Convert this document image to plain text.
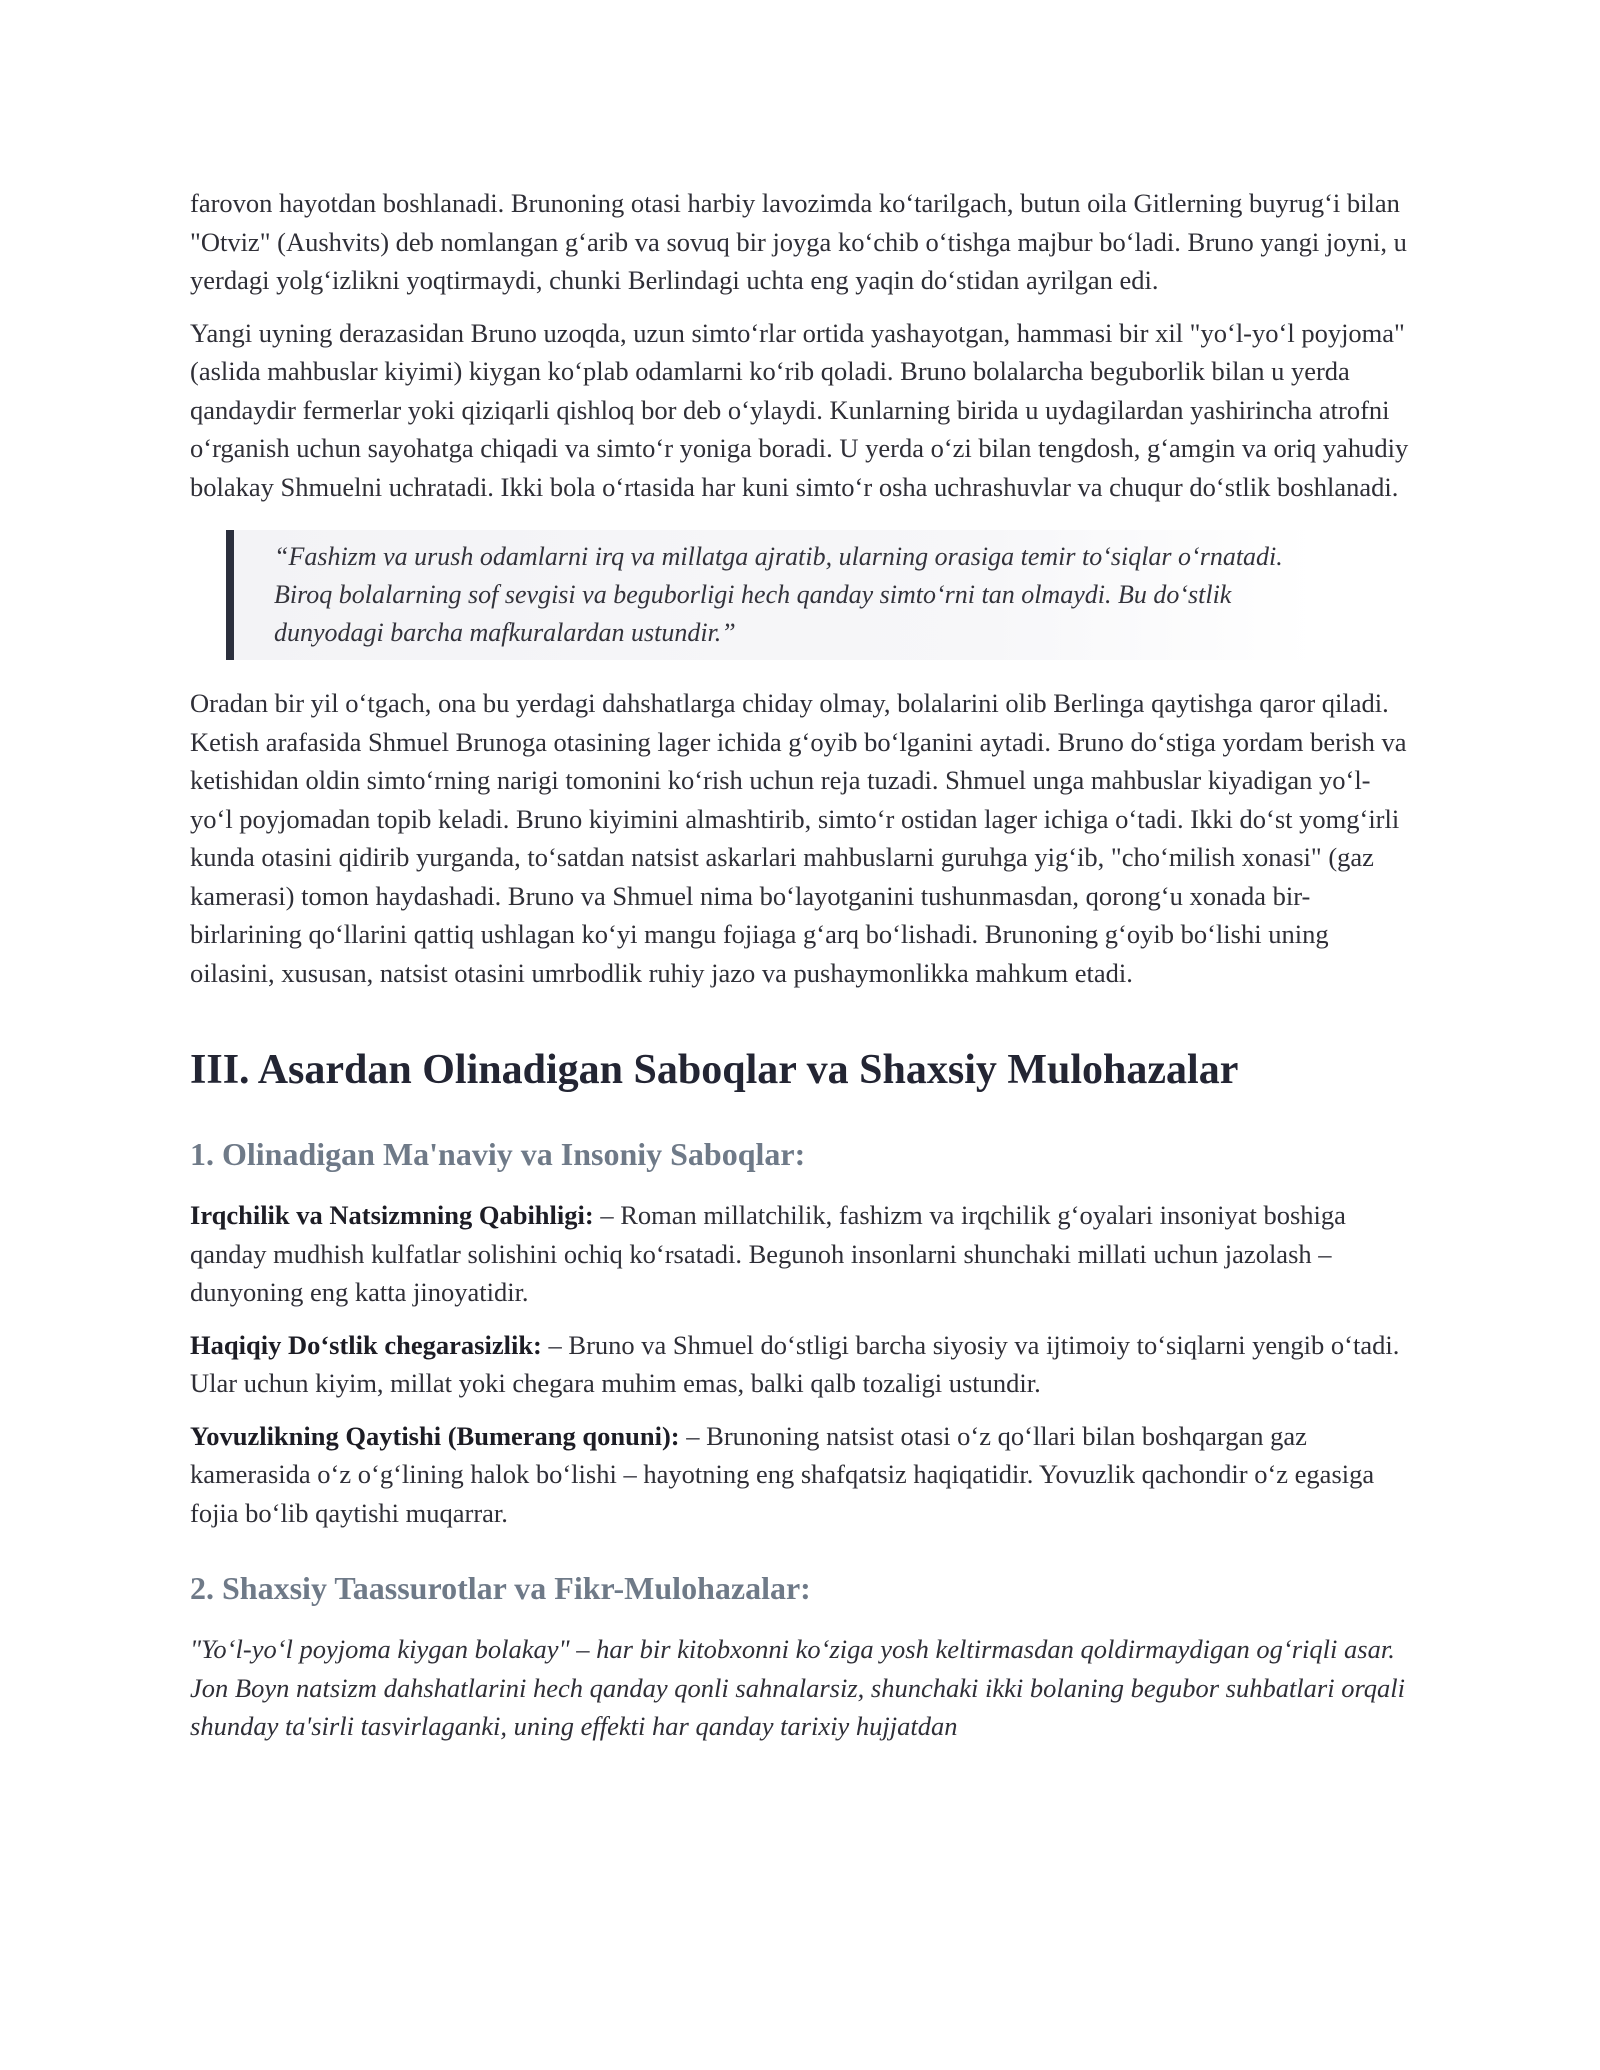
farovon hayotdan boshlanadi. Brunoning otasi harbiy lavozimda ko‘tarilgach, butun oila Gitlerning buyrug‘i bilan "Otviz" (Aushvits) deb nomlangan g‘arib va sovuq bir joyga ko‘chib o‘tishga majbur bo‘ladi. Bruno yangi joyni, u yerdagi yolg‘izlikni yoqtirmaydi, chunki Berlindagi uchta eng yaqin do‘stidan ayrilgan edi.

Yangi uyning derazasidan Bruno uzoqda, uzun simto‘rlar ortida yashayotgan, hammasi bir xil "yo‘l-yo‘l poyjoma" (aslida mahbuslar kiyimi) kiygan ko‘plab odamlarni ko‘rib qoladi. Bruno bolalarcha beguborlik bilan u yerda qandaydir fermerlar yoki qiziqarli qishloq bor deb o‘ylaydi. Kunlarning birida u uydagilardan yashirincha atrofni o‘rganish uchun sayohatga chiqadi va simto‘r yoniga boradi. U yerda o‘zi bilan tengdosh, g‘amgin va oriq yahudiy bolakay Shmuelni uchratadi. Ikki bola o‘rtasida har kuni simto‘r osha uchrashuvlar va chuqur do‘stlik boshlanadi.

“Fashizm va urush odamlarni irq va millatga ajratib, ularning orasiga temir to‘siqlar o‘rnatadi. Biroq bolalarning sof sevgisi va beguborligi hech qanday simto‘rni tan olmaydi. Bu do‘stlik dunyodagi barcha mafkuralardan ustundir.”

Oradan bir yil o‘tgach, ona bu yerdagi dahshatlarga chiday olmay, bolalarini olib Berlinga qaytishga qaror qiladi. Ketish arafasida Shmuel Brunoga otasining lager ichida g‘oyib bo‘lganini aytadi. Bruno do‘stiga yordam berish va ketishidan oldin simto‘rning narigi tomonini ko‘rish uchun reja tuzadi. Shmuel unga mahbuslar kiyadigan yo‘l-yo‘l poyjomadan topib keladi. Bruno kiyimini almashtirib, simto‘r ostidan lager ichiga o‘tadi. Ikki do‘st yomg‘irli kunda otasini qidirib yurganda, to‘satdan natsist askarlari mahbuslarni guruhga yig‘ib, "cho‘milish xonasi" (gaz kamerasi) tomon haydashadi. Bruno va Shmuel nima bo‘layotganini tushunmasdan, qorong‘u xonada bir-birlarining qo‘llarini qattiq ushlagan ko‘yi mangu fojiaga g‘arq bo‘lishadi. Brunoning g‘oyib bo‘lishi uning oilasini, xususan, natsist otasini umrbodlik ruhiy jazo va pushaymonlikka mahkum etadi.

III. Asardan Olinadigan Saboqlar va Shaxsiy Mulohazalar
1. Olinadigan Ma'naviy va Insoniy Saboqlar:

Irqchilik va Natsizmning Qabihligi: – Roman millatchilik, fashizm va irqchilik g‘oyalari insoniyat boshiga qanday mudhish kulfatlar solishini ochiq ko‘rsatadi. Begunoh insonlarni shunchaki millati uchun jazolash – dunyoning eng katta jinoyatidir.

Haqiqiy Do‘stlik chegarasizlik: – Bruno va Shmuel do‘stligi barcha siyosiy va ijtimoiy to‘siqlarni yengib o‘tadi. Ular uchun kiyim, millat yoki chegara muhim emas, balki qalb tozaligi ustundir.

Yovuzlikning Qaytishi (Bumerang qonuni): – Brunoning natsist otasi o‘z qo‘llari bilan boshqargan gaz kamerasida o‘z o‘g‘lining halok bo‘lishi – hayotning eng shafqatsiz haqiqatidir. Yovuzlik qachondir o‘z egasiga fojia bo‘lib qaytishi muqarrar.

2. Shaxsiy Taassurotlar va Fikr-Mulohazalar:

"Yo‘l-yo‘l poyjoma kiygan bolakay" – har bir kitobxonni ko‘ziga yosh keltirmasdan qoldirmaydigan og‘riqli asar. Jon Boyn natsizm dahshatlarini hech qanday qonli sahnalarsiz, shunchaki ikki bolaning begubor suhbatlari orqali shunday ta'sirli tasvirlaganki, uning effekti har qanday tarixiy hujjatdan
